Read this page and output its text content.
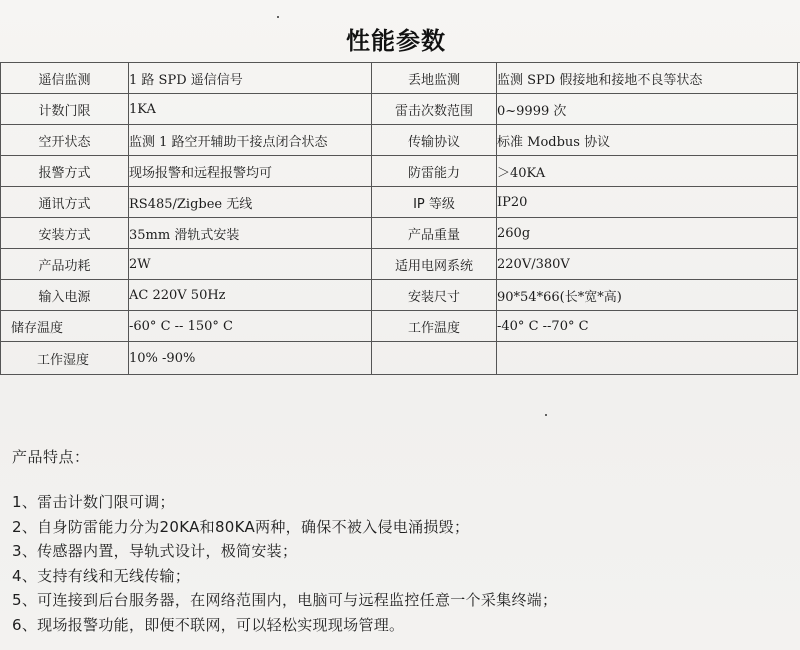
性能参数
遥信监测	1 路 SPD 遥信信号	丢地监测	监测 SPD 假接地和接地不良等状态
计数门限	1KA	雷击次数范围	0~9999 次
空开状态	监测 1 路空开辅助干接点闭合状态	传输协议	标准 Modbus 协议
报警方式	现场报警和远程报警均可	防雷能力	＞40KA
通讯方式	RS485/Zigbee 无线	IP 等级	IP20
安装方式	35mm 滑轨式安装	产品重量	260g
产品功耗	2W	适用电网系统	220V/380V
输入电源	AC 220V 50Hz	安装尺寸	90*54*66(长*宽*高)
储存温度	-60° C -- 150° C	工作温度	-40° C --70° C
工作湿度	10% -90%		
产品特点：
1、雷击计数门限可调；
2、自身防雷能力分为20KA和80KA两种，确保不被入侵电涌损毁；
3、传感器内置，导轨式设计，极简安装；
4、支持有线和无线传输；
5、可连接到后台服务器，在网络范围内，电脑可与远程监控任意一个采集终端；
6、现场报警功能，即便不联网，可以轻松实现现场管理。
